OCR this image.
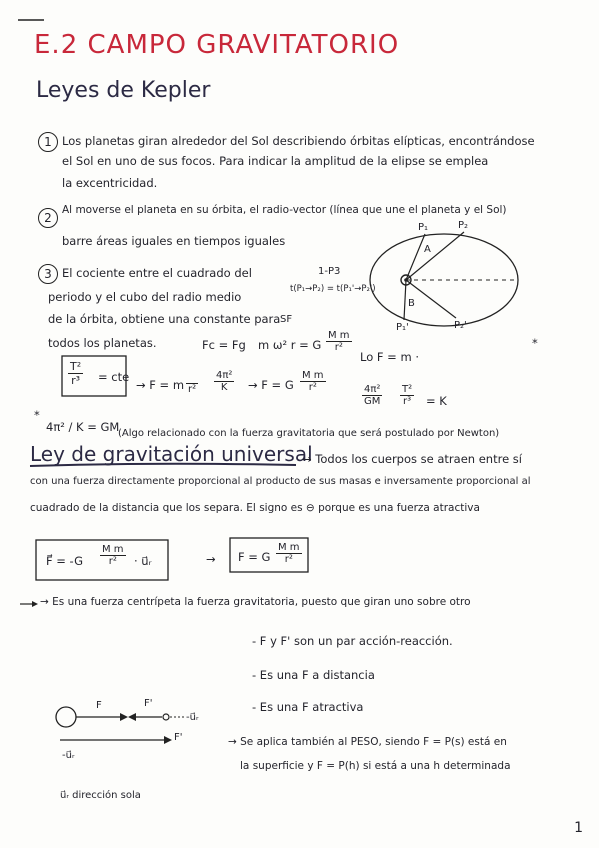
E.2 CAMPO GRAVITATORIO
Leyes de Kepler
1 Los planetas giran alrededor del Sol describiendo órbitas elípticas, encontrándose
el Sol en uno de sus focos. Para indicar la amplitud de la elipse se emplea
la excentricidad.
2
Al moverse el planeta en su órbita, el radio-vector (línea que une el planeta y el Sol)
barre áreas iguales en tiempos iguales
3 El cociente entre el cuadrado del
periodo y el cubo del radio medio
de la órbita, obtiene una constante para
todos los planetas.
1-P3
t(P₁→P₂) = t(P₁'→P₂')
P₁	P₂
A
B
P₁'	P₂'
Fc = Fg m ω² r = G $\frac{\text{M m}}{\text{r²}}$
SF
*
Lo F = m ·
$\frac{\text{T²}}{\text{r³}}$ = cte
→ F = m
$r^2 \frac{\text{4π²}}{K} \to F = G \frac{\text{M m}}{\text{r²}}$
$\frac{\text{4π²}}{GM} \frac{\text{T²}}{\text{r³}} = K$
*
4π² / K = GM
(Algo relacionado con la fuerza gravitatoria que será postulado por Newton)
Ley de gravitación universal
→ Todos los cuerpos se atraen entre sí
con una fuerza directamente proporcional al producto de sus masas e inversamente proporcional al
cuadrado de la distancia que los separa. El signo es ⊖ porque es una fuerza atractiva
F⃗ = $-G \frac{\text{M m}}{\text{r²}}$ · u⃗ᵣ	→ F = G $\frac{\text{M m}}{\text{r²}}$
→ Es una fuerza centrípeta la fuerza gravitatoria, puesto que giran uno sobre otro
- F y F' son un par acción-reacción.
- Es una F a distancia
- Es una F atractiva
F	F'
-u⃗ᵣ
F'
-u⃗ᵣ
u⃗ᵣ dirección sola
→ Se aplica también al PESO, siendo F = P(s) está en
la superficie y F = P(h) si está a una h determinada
1
